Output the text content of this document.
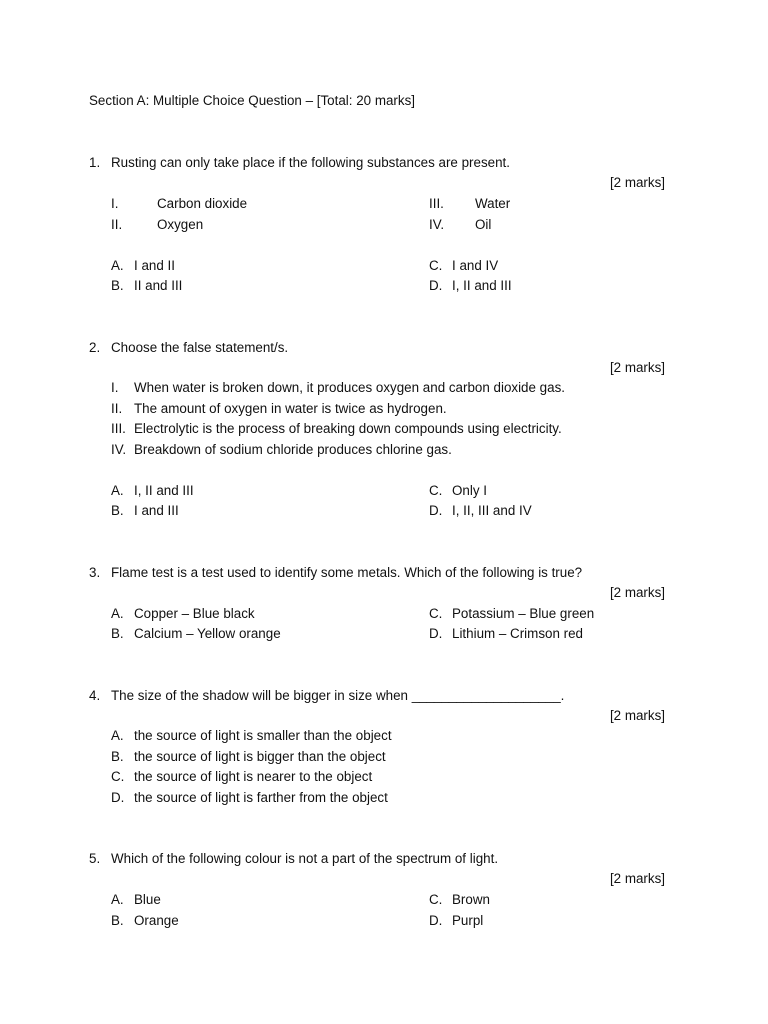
Section A: Multiple Choice Question – [Total: 20 marks]
1. Rusting can only take place if the following substances are present.
[2 marks]
I.	Carbon dioxide
II.	Oxygen
III. Water
IV. Oil
A. I and II
B. II and III
C. I and IV
D. I, II and III
2. Choose the false statement/s.
[2 marks]
I. When water is broken down, it produces oxygen and carbon dioxide gas.
II. The amount of oxygen in water is twice as hydrogen.
III. Electrolytic is the process of breaking down compounds using electricity.
IV. Breakdown of sodium chloride produces chlorine gas.
A. I, II and III
B. I and III
C. Only I
D. I, II, III and IV
3. Flame test is a test used to identify some metals. Which of the following is true?
[2 marks]
A. Copper – Blue black
B. Calcium – Yellow orange
C. Potassium – Blue green
D. Lithium – Crimson red
4. The size of the shadow will be bigger in size when ____________________.
[2 marks]
A. the source of light is smaller than the object
B. the source of light is bigger than the object
C. the source of light is nearer to the object
D. the source of light is farther from the object
5. Which of the following colour is not a part of the spectrum of light.
[2 marks]
A. Blue
B. Orange
C. Brown
D. Purpl
